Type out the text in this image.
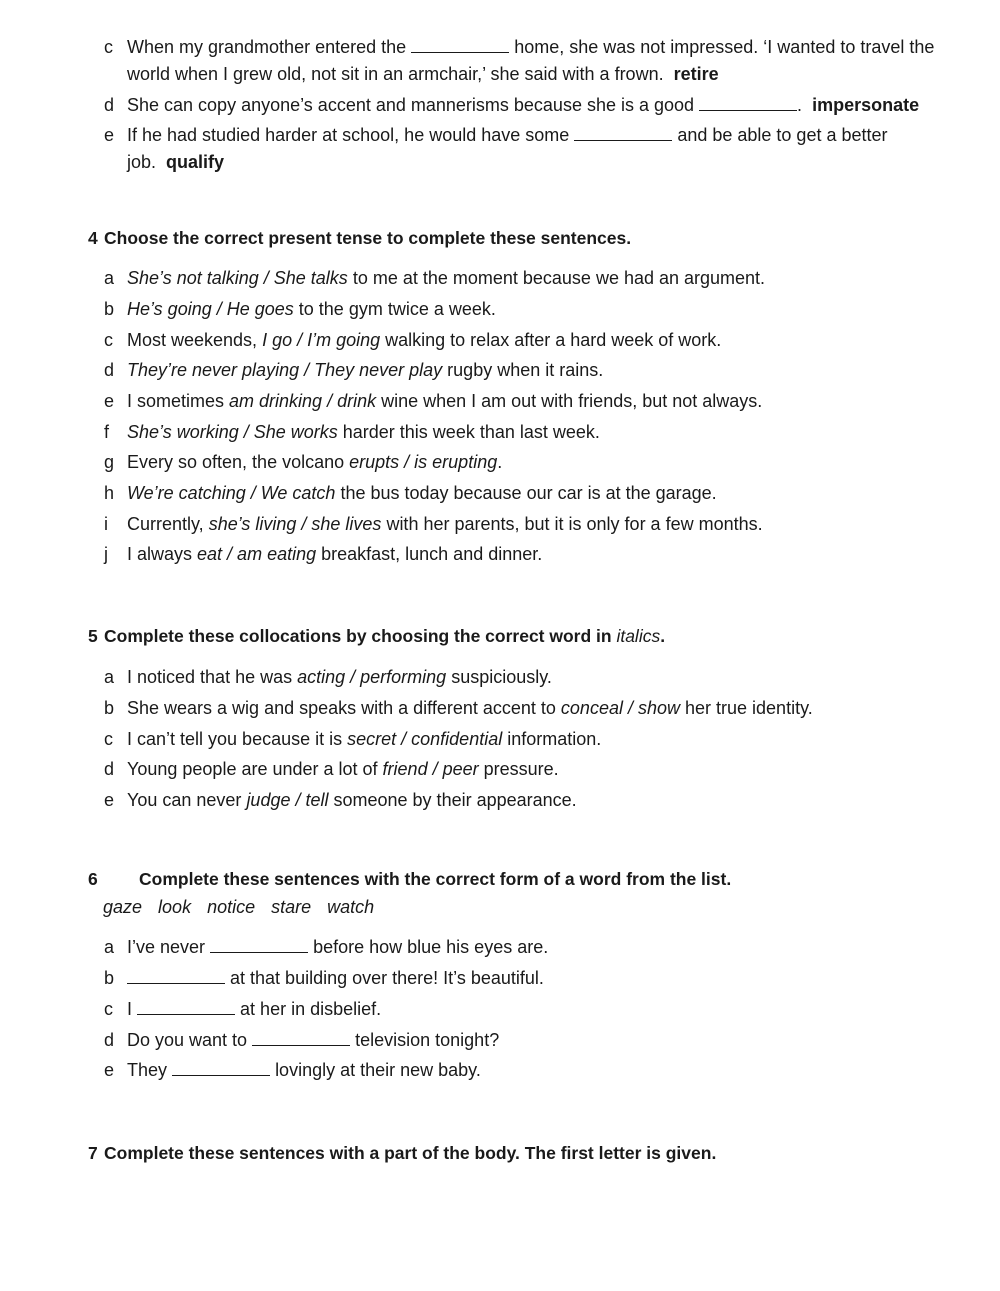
c When my grandmother entered the	home, she was not impressed. ‘I wanted to travel the world when I grew old, not sit in an armchair,’ she said with a frown. retire
d She can copy anyone’s accent and mannerisms because she is a good	. impersonate
e If he had studied harder at school, he would have some	and be able to get a better job. qualify
4 Choose the correct present tense to complete these sentences.
a She’s not talking / She talks to me at the moment because we had an argument.
b He’s going / He goes to the gym twice a week.
c Most weekends, I go / I’m going walking to relax after a hard week of work.
d They’re never playing / They never play rugby when it rains.
e I sometimes am drinking / drink wine when I am out with friends, but not always.
f She’s working / She works harder this week than last week.
g Every so often, the volcano erupts / is erupting.
h We’re catching / We catch the bus today because our car is at the garage.
i	Currently, she’s living / she lives with her parents, but it is only for a few months.
j	I always eat / am eating breakfast, lunch and dinner.
5 Complete these collocations by choosing the correct word in italics.
a I noticed that he was acting / performing suspiciously.
b She wears a wig and speaks with a different accent to conceal / show her true identity.
c I can’t tell you because it is secret / confidential information.
d Young people are under a lot of friend / peer pressure.
e You can never judge / tell someone by their appearance.
6 Complete these sentences with the correct form of a word from the list.
gaze look notice stare watch
a I’ve never	before how blue his eyes are.
b	at that building over there! It’s beautiful.
c I	at her in disbelief.
d Do you want to	television tonight?
e They	lovingly at their new baby.
7 Complete these sentences with a part of the body. The first letter is given.
